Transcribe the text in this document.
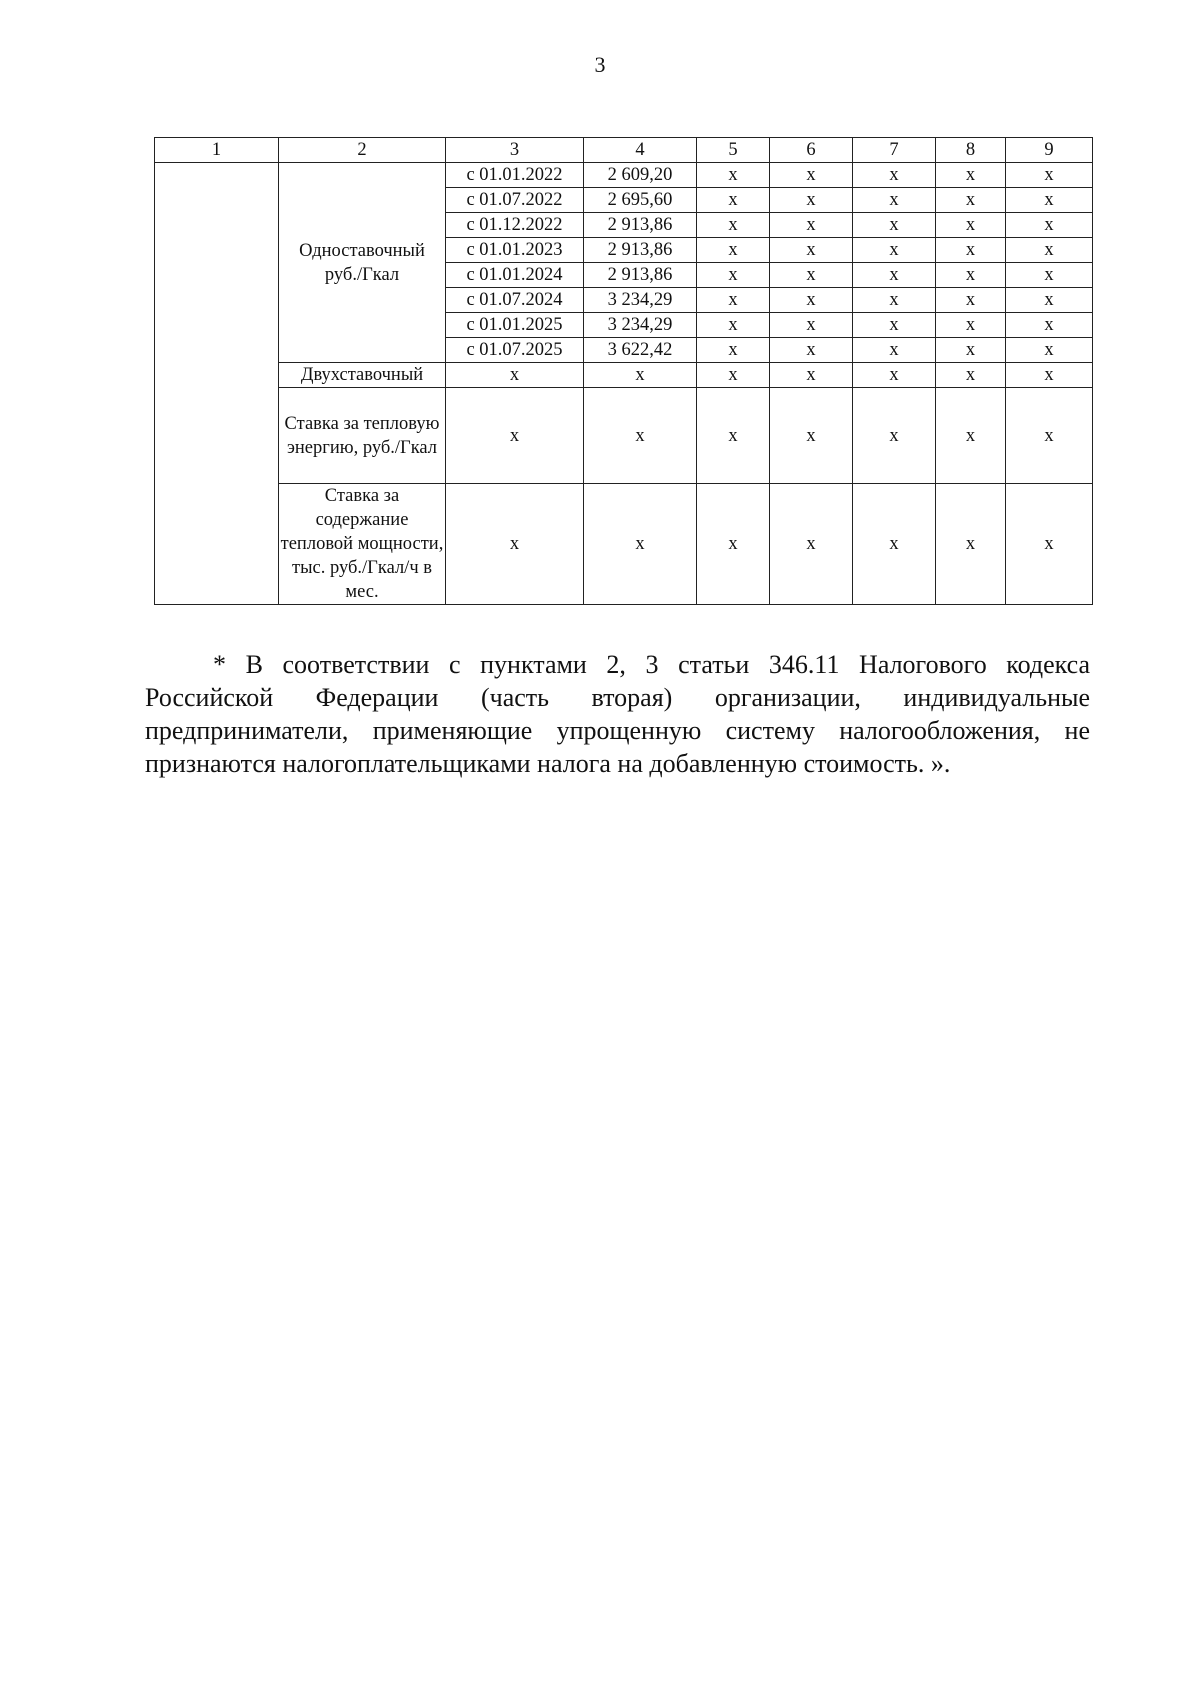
3
1	2	3	4	5	6	7	8	9
	Одноставочный руб./Гкал	с 01.01.2022	2 609,20	х	х	х	х	х
		с 01.07.2022	2 695,60	х	х	х	х	х
		с 01.12.2022	2 913,86	х	х	х	х	х
		с 01.01.2023	2 913,86	х	х	х	х	х
		с 01.01.2024	2 913,86	х	х	х	х	х
		с 01.07.2024	3 234,29	х	х	х	х	х
		с 01.01.2025	3 234,29	х	х	х	х	х
		с 01.07.2025	3 622,42	х	х	х	х	х
	Двухставочный	х	х	х	х	х	х	х
	Ставка за тепловую энергию, руб./Гкал	х	х	х	х	х	х	х
	Ставка за содержание тепловой мощности, тыс. руб./Гкал/ч в мес.	х	х	х	х	х	х	х

* В соответствии с пунктами 2, 3 статьи 346.11 Налогового кодекса Российской Федерации (часть вторая) организации, индивидуальные предприниматели, применяющие упрощенную систему налогообложения, не признаются налогоплательщиками налога на добавленную стоимость. ».
